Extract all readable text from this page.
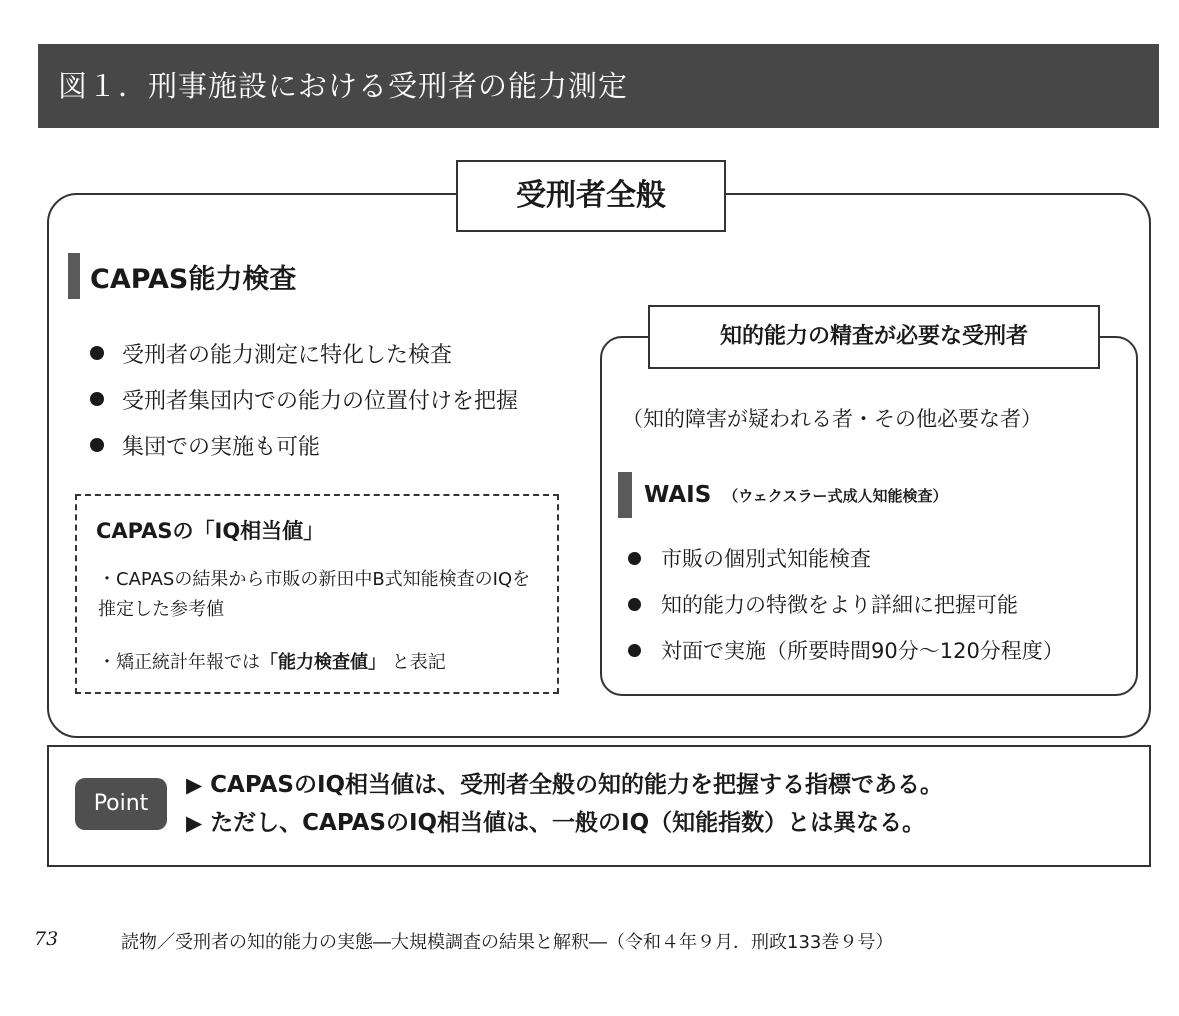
図１．刑事施設における受刑者の能力測定
受刑者全般
CAPAS能力検査
受刑者の能力測定に特化した検査
受刑者集団内での能力の位置付けを把握
集団での実施も可能
CAPASの「IQ相当値」
・CAPASの結果から市販の新田中B式知能検査のIQを推定した参考値
・矯正統計年報では「能力検査値」 と表記
知的能力の精査が必要な受刑者
（知的障害が疑われる者・その他必要な者）
WAIS （ウェクスラー式成人知能検査）
市販の個別式知能検査
知的能力の特徴をより詳細に把握可能
対面で実施（所要時間90分～120分程度）
Point
▶ CAPASのIQ相当値は、受刑者全般の知的能力を把握する指標である。
▶ ただし、CAPASのIQ相当値は、一般のIQ（知能指数）とは異なる。
73	読物／受刑者の知的能力の実態―大規模調査の結果と解釈―（令和４年９月．刑政133巻９号）
